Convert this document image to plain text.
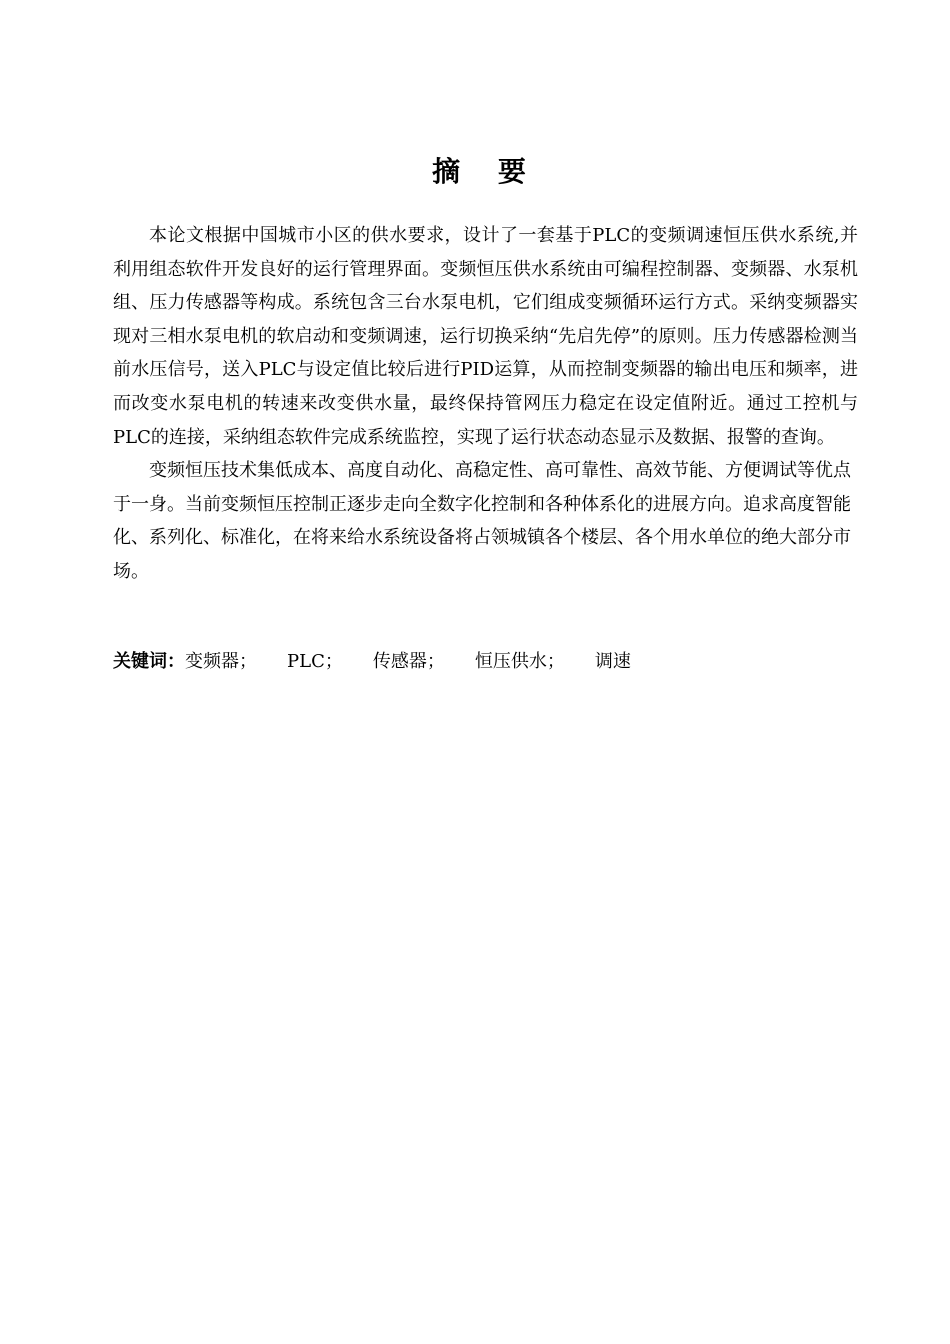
摘 要

本论文根据中国城市小区的供水要求，设计了一套基于PLC的变频调速恒压供水系统,并利用组态软件开发良好的运行管理界面。变频恒压供水系统由可编程控制器、变频器、水泵机组、压力传感器等构成。系统包含三台水泵电机，它们组成变频循环运行方式。采纳变频器实现对三相水泵电机的软启动和变频调速，运行切换采纳“先启先停”的原则。压力传感器检测当前水压信号，送入PLC与设定值比较后进行PID运算，从而控制变频器的输出电压和频率，进而改变水泵电机的转速来改变供水量，最终保持管网压力稳定在设定值附近。通过工控机与PLC的连接，采纳组态软件完成系统监控，实现了运行状态动态显示及数据、报警的查询。

变频恒压技术集低成本、高度自动化、高稳定性、高可靠性、高效节能、方便调试等优点于一身。当前变频恒压控制正逐步走向全数字化控制和各种体系化的进展方向。追求高度智能化、系列化、标准化，在将来给水系统设备将占领城镇各个楼层、各个用水单位的绝大部分市场。

关键词：变频器； PLC； 传感器； 恒压供水； 调速
